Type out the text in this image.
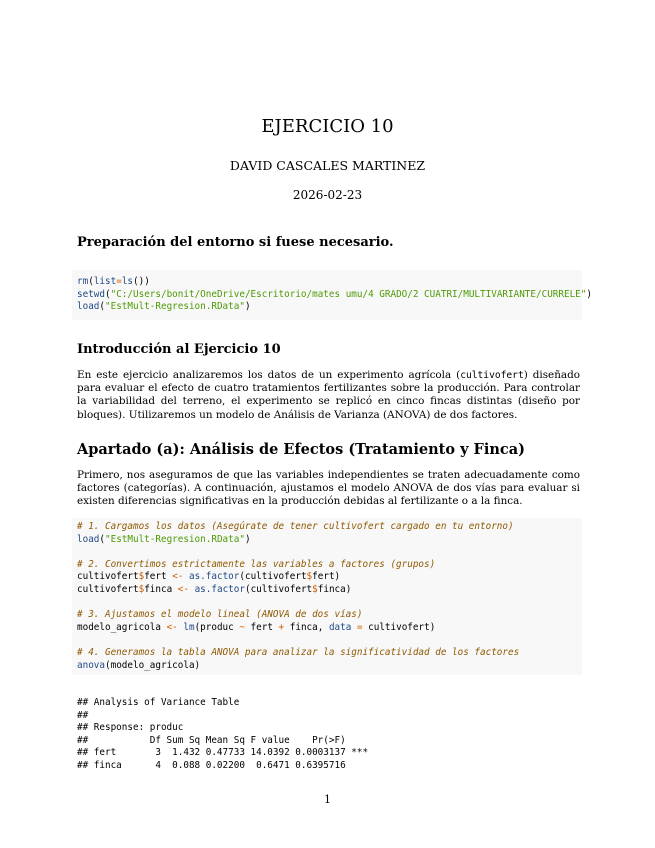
EJERCICIO 10
DAVID CASCALES MARTINEZ
2026-02-23
Preparación del entorno si fuese necesario.
rm(list=ls())
setwd("C:/Users/bonit/OneDrive/Escritorio/mates umu/4 GRADO/2 CUATRI/MULTIVARIANTE/CURRELE")
load("EstMult-Regresion.RData")
Introducción al Ejercicio 10
En este ejercicio analizaremos los datos de un experimento agrícola (cultivofert) diseñado para evaluar el efecto de cuatro tratamientos fertilizantes sobre la producción. Para controlar la variabilidad del terreno, el experimento se replicó en cinco fincas distintas (diseño por bloques). Utilizaremos un modelo de Análisis de Varianza (ANOVA) de dos factores.
Apartado (a): Análisis de Efectos (Tratamiento y Finca)
Primero, nos aseguramos de que las variables independientes se traten adecuadamente como factores (categorías). A continuación, ajustamos el modelo ANOVA de dos vías para evaluar si existen diferencias significativas en la producción debidas al fertilizante o a la finca.
# 1. Cargamos los datos (Asegúrate de tener cultivofert cargado en tu entorno)
load("EstMult-Regresion.RData")
# 2. Convertimos estrictamente las variables a factores (grupos)
cultivofert$fert <- as.factor(cultivofert$fert)
cultivofert$finca <- as.factor(cultivofert$finca)
# 3. Ajustamos el modelo lineal (ANOVA de dos vías)
modelo_agricola <- lm(produc ~ fert + finca, data = cultivofert)
# 4. Generamos la tabla ANOVA para analizar la significatividad de los factores
anova(modelo_agricola)
## Analysis of Variance Table
##
## Response: produc
##           Df Sum Sq Mean Sq F value    Pr(>F)
## fert       3  1.432 0.47733 14.0392 0.0003137 ***
## finca      4  0.088 0.02200  0.6471 0.6395716
1
